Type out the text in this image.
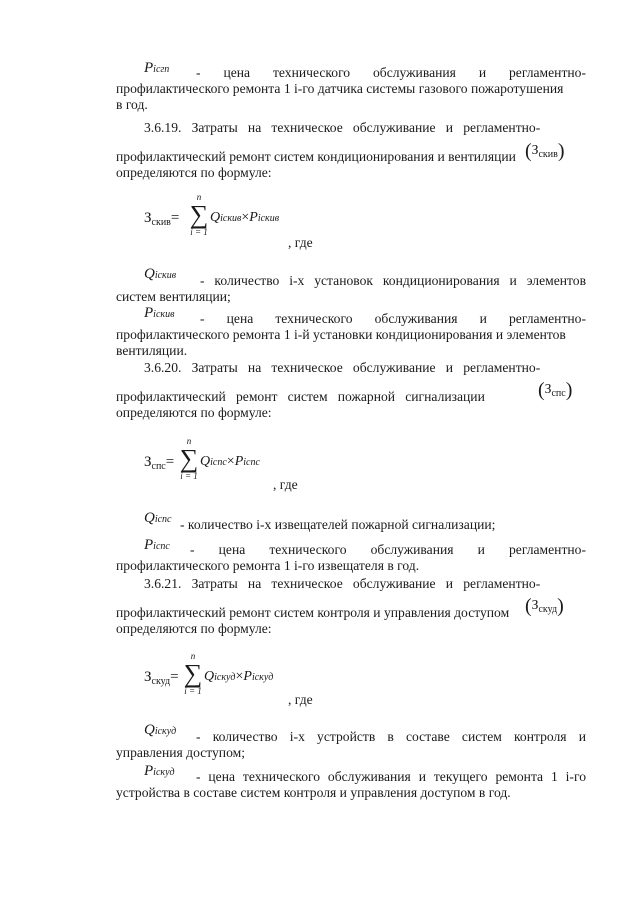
Picгп -   цена   технического   обслуживания   и   регламентно-
профилактического ремонта 1 i-го датчика системы газового пожаротушения
в год.
3.6.19.   Затраты   на   техническое   обслуживание   и   регламентно-
профилактический ремонт систем кондиционирования и вентиляции $(З_{скив})$
определяются по формуле:
$З_{скив}=$
n
∑
i = 1
Qiскив×Piскив
, где
Qiскив -  количество  i-х  установок  кондиционирования  и  элементов
систем вентиляции;
Piскив -   цена   технического   обслуживания   и   регламентно-
профилактического ремонта 1 i-й установки кондиционирования и элементов
вентиляции.
3.6.20.   Затраты   на   техническое   обслуживание   и   регламентно-
профилактический   ремонт   систем   пожарной   сигнализации	$(З_{спс})$
определяются по формуле:
$З_{спс}=$
n
∑
i = 1
Qiспс×Piспс
, где
Qiспс - количество i-х извещателей пожарной сигнализации;
Piспс -   цена   технического   обслуживания   и   регламентно-
профилактического ремонта 1 i-го извещателя в год.
3.6.21.   Затраты   на   техническое   обслуживание   и   регламентно-
профилактический ремонт систем контроля и управления доступом $(З_{скуд})$
определяются по формуле:
$З_{скуд}=$
n
∑
i = 1
Qiскуд×Piскуд
, где
Qiскуд -  количество  i-х  устройств  в  составе  систем  контроля  и
управления доступом;
Piскуд - цена технического обслуживания и текущего ремонта 1 i-го
устройства в составе систем контроля и управления доступом в год.
